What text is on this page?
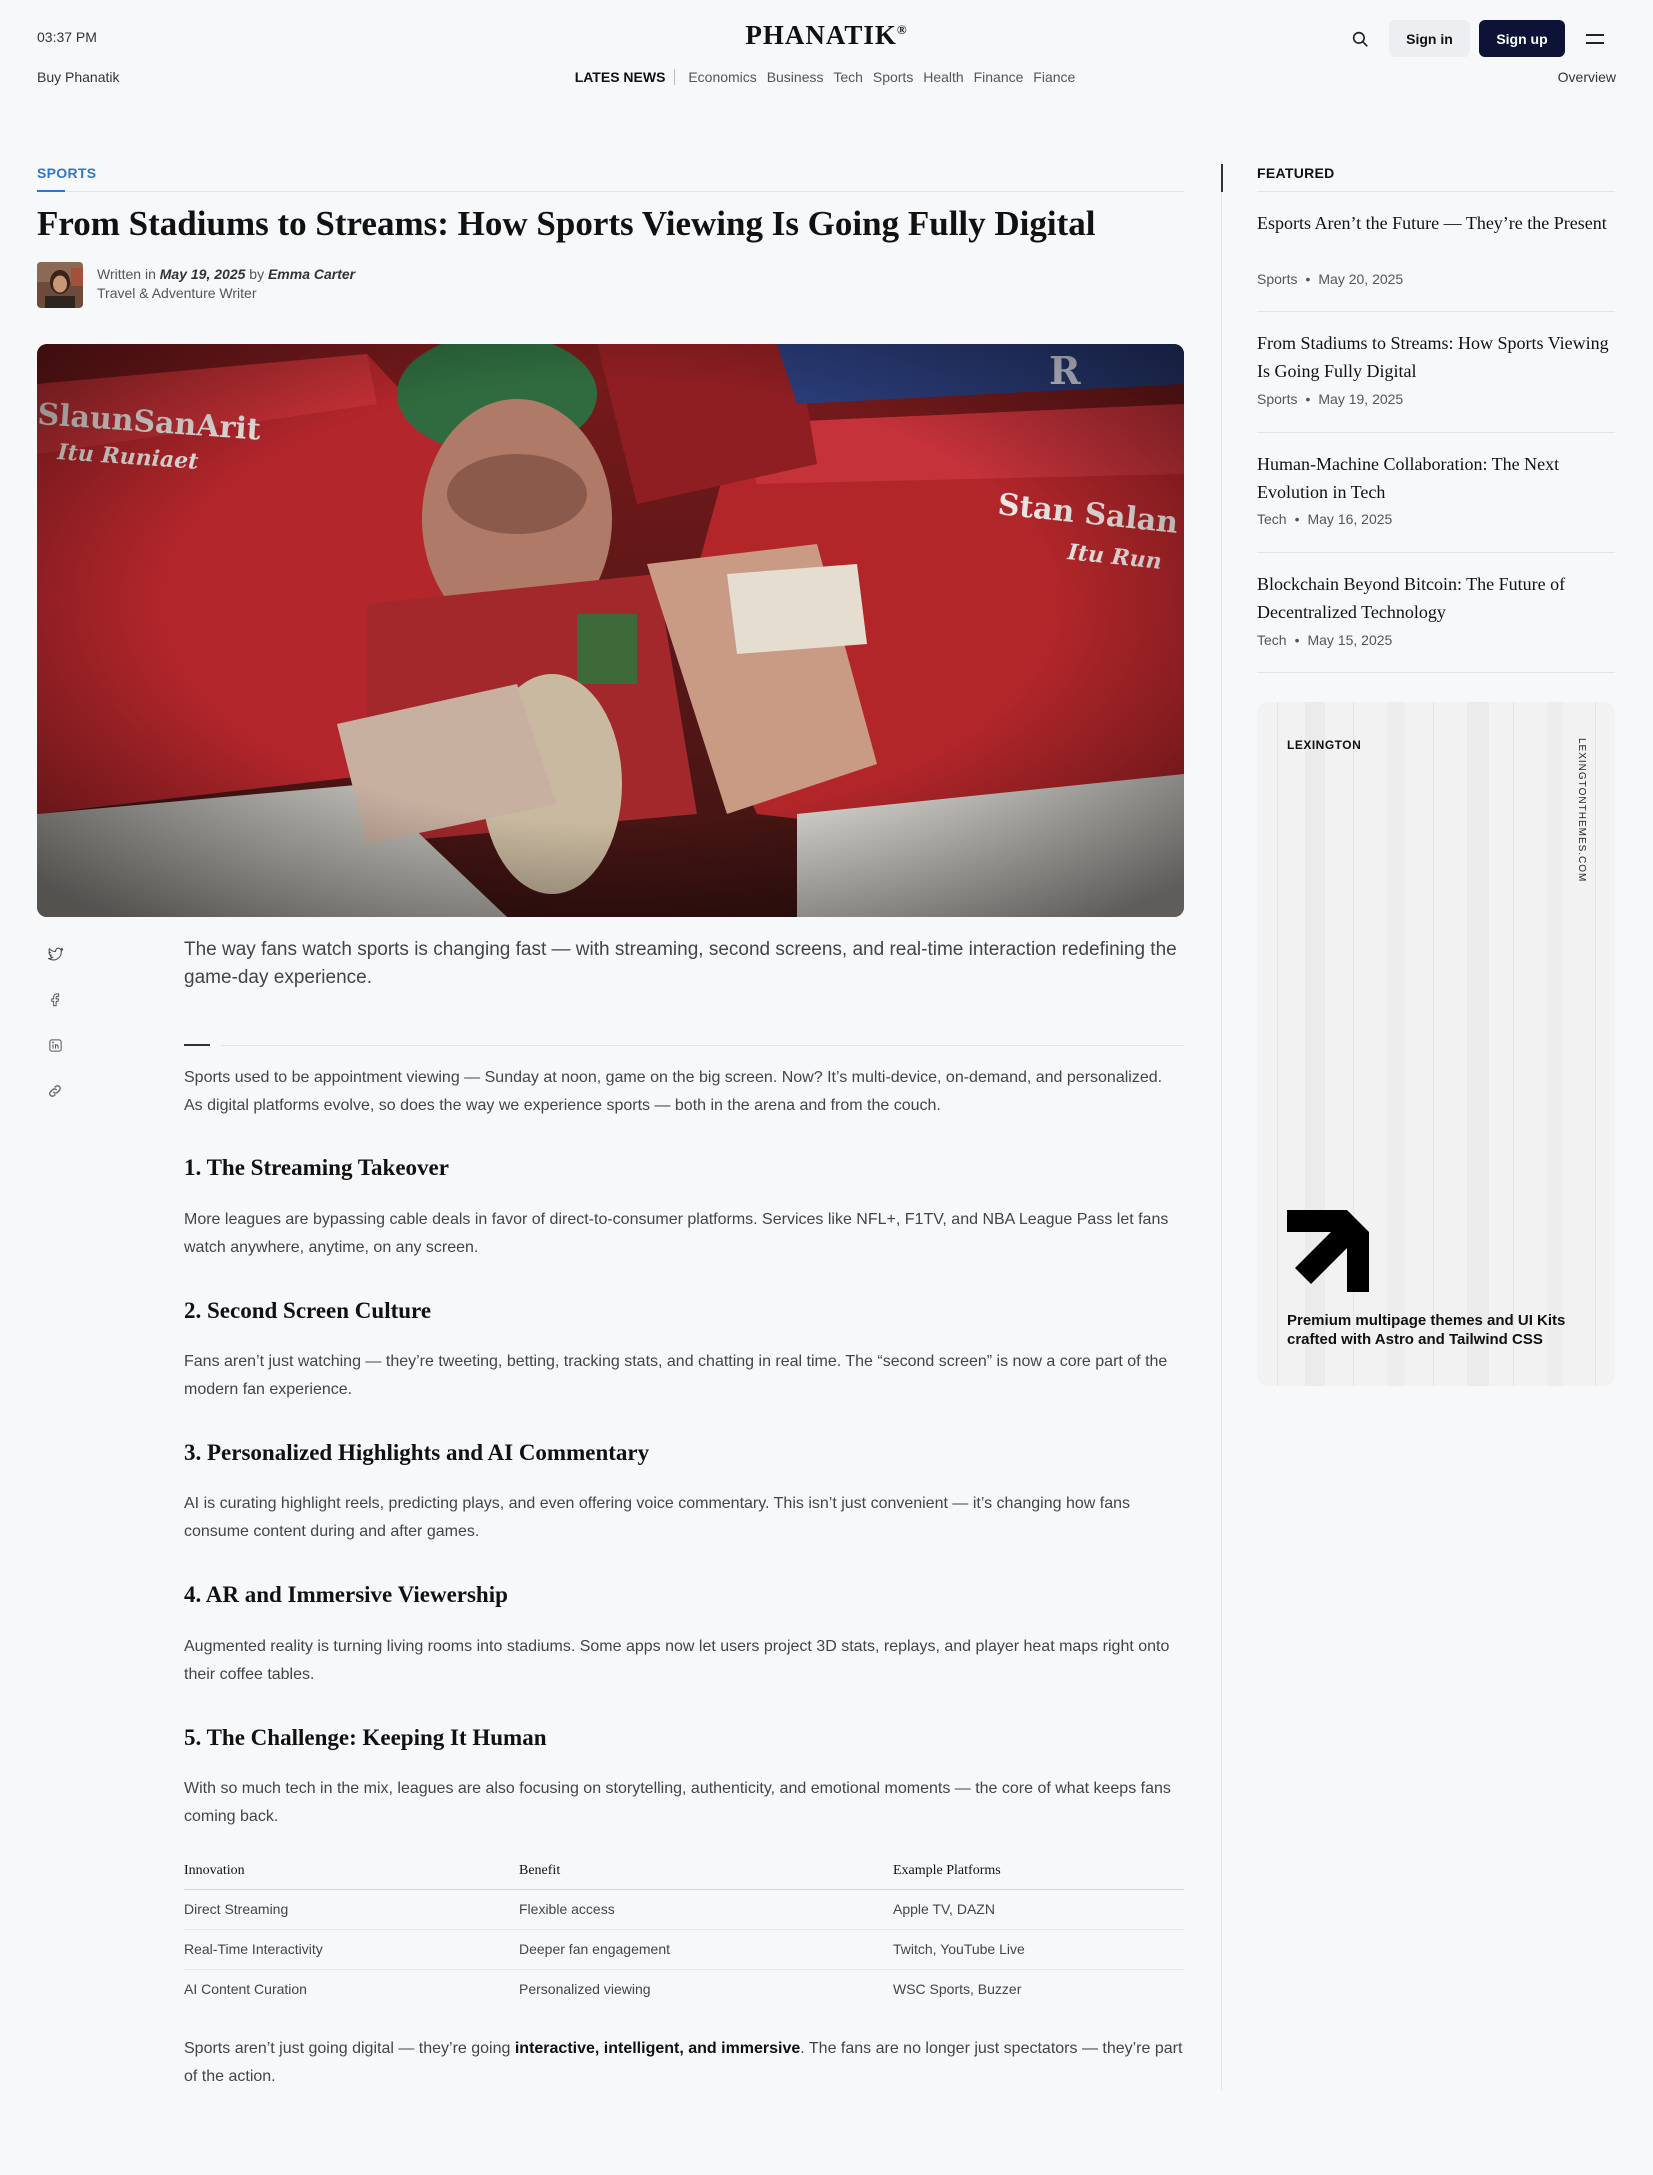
03:37 PM
Buy Phanatik
PHANATIK®
LATES NEWS Economics Business Tech Sports Health Finance Fiance	Overview
Sign in	Sign up
SPORTS
From Stadiums to Streams: How Sports Viewing Is Going Fully Digital
Written in May 19, 2025 by Emma Carter
Travel & Adventure Writer

The way fans watch sports is changing fast — with streaming, second screens, and real-time interaction redefining the game-day experience.

Sports used to be appointment viewing — Sunday at noon, game on the big screen. Now? It’s multi-device, on-demand, and personalized. As digital platforms evolve, so does the way we experience sports — both in the arena and from the couch.

1. The Streaming Takeover

More leagues are bypassing cable deals in favor of direct-to-consumer platforms. Services like NFL+, F1TV, and NBA League Pass let fans watch anywhere, anytime, on any screen.

2. Second Screen Culture

Fans aren’t just watching — they’re tweeting, betting, tracking stats, and chatting in real time. The “second screen” is now a core part of the modern fan experience.

3. Personalized Highlights and AI Commentary

AI is curating highlight reels, predicting plays, and even offering voice commentary. This isn’t just convenient — it’s changing how fans consume content during and after games.

4. AR and Immersive Viewership

Augmented reality is turning living rooms into stadiums. Some apps now let users project 3D stats, replays, and player heat maps right onto their coffee tables.

5. The Challenge: Keeping It Human

With so much tech in the mix, leagues are also focusing on storytelling, authenticity, and emotional moments — the core of what keeps fans coming back.

Innovation	Benefit	Example Platforms
Direct Streaming	Flexible access	Apple TV, DAZN
Real-Time Interactivity	Deeper fan engagement	Twitch, YouTube Live
AI Content Curation	Personalized viewing	WSC Sports, Buzzer

Sports aren’t just going digital — they’re going interactive, intelligent, and immersive. The fans are no longer just spectators — they’re part of the action.

FEATURED
Esports Aren’t the Future — They’re the Present
Sports • May 20, 2025
From Stadiums to Streams: How Sports Viewing Is Going Fully Digital
Sports • May 19, 2025
Human-Machine Collaboration: The Next Evolution in Tech
Tech • May 16, 2025
Blockchain Beyond Bitcoin: The Future of Decentralized Technology
Tech • May 15, 2025
LEXINGTON	LEXINGTONTHEMES.COM
Premium multipage themes and UI Kits crafted with Astro and Tailwind CSS
